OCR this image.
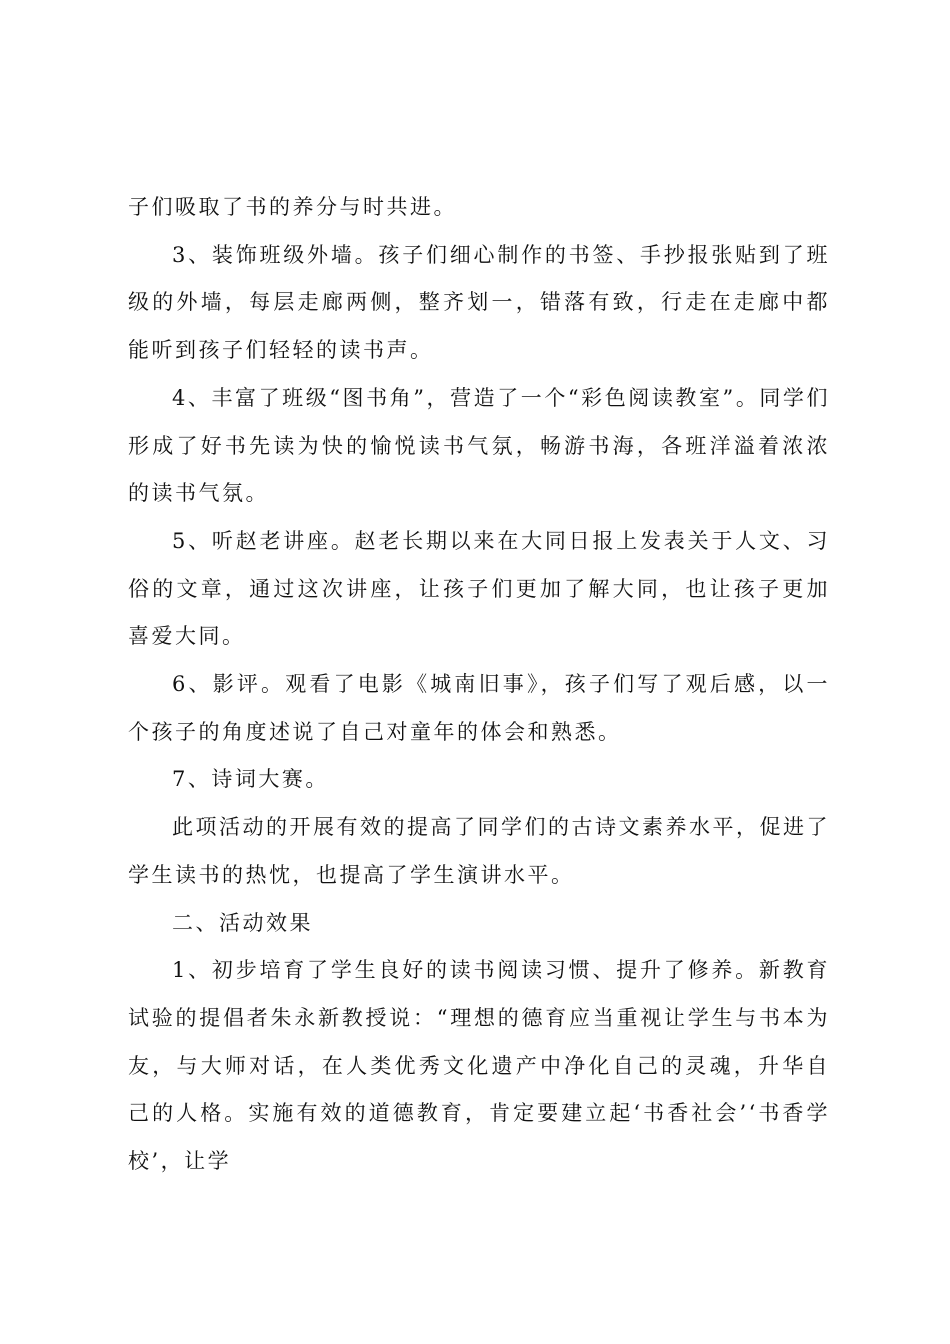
子们吸取了书的养分与时共进。

3、装饰班级外墙。孩子们细心制作的书签、手抄报张贴到了班级的外墙，每层走廊两侧，整齐划一，错落有致，行走在走廊中都能听到孩子们轻轻的读书声。

4、丰富了班级“图书角”，营造了一个“彩色阅读教室”。同学们形成了好书先读为快的愉悦读书气氛，畅游书海，各班洋溢着浓浓的读书气氛。

5、听赵老讲座。赵老长期以来在大同日报上发表关于人文、习俗的文章，通过这次讲座，让孩子们更加了解大同，也让孩子更加喜爱大同。

6、影评。观看了电影《城南旧事》，孩子们写了观后感，以一个孩子的角度述说了自己对童年的体会和熟悉。

7、诗词大赛。

此项活动的开展有效的提高了同学们的古诗文素养水平，促进了学生读书的热忱，也提高了学生演讲水平。

二、活动效果

1、初步培育了学生良好的读书阅读习惯、提升了修养。新教育试验的提倡者朱永新教授说：“理想的德育应当重视让学生与书本为友，与大师对话，在人类优秀文化遗产中净化自己的灵魂，升华自己的人格。实施有效的道德教育，肯定要建立起‘书香社会’‘书香学校’，让学
